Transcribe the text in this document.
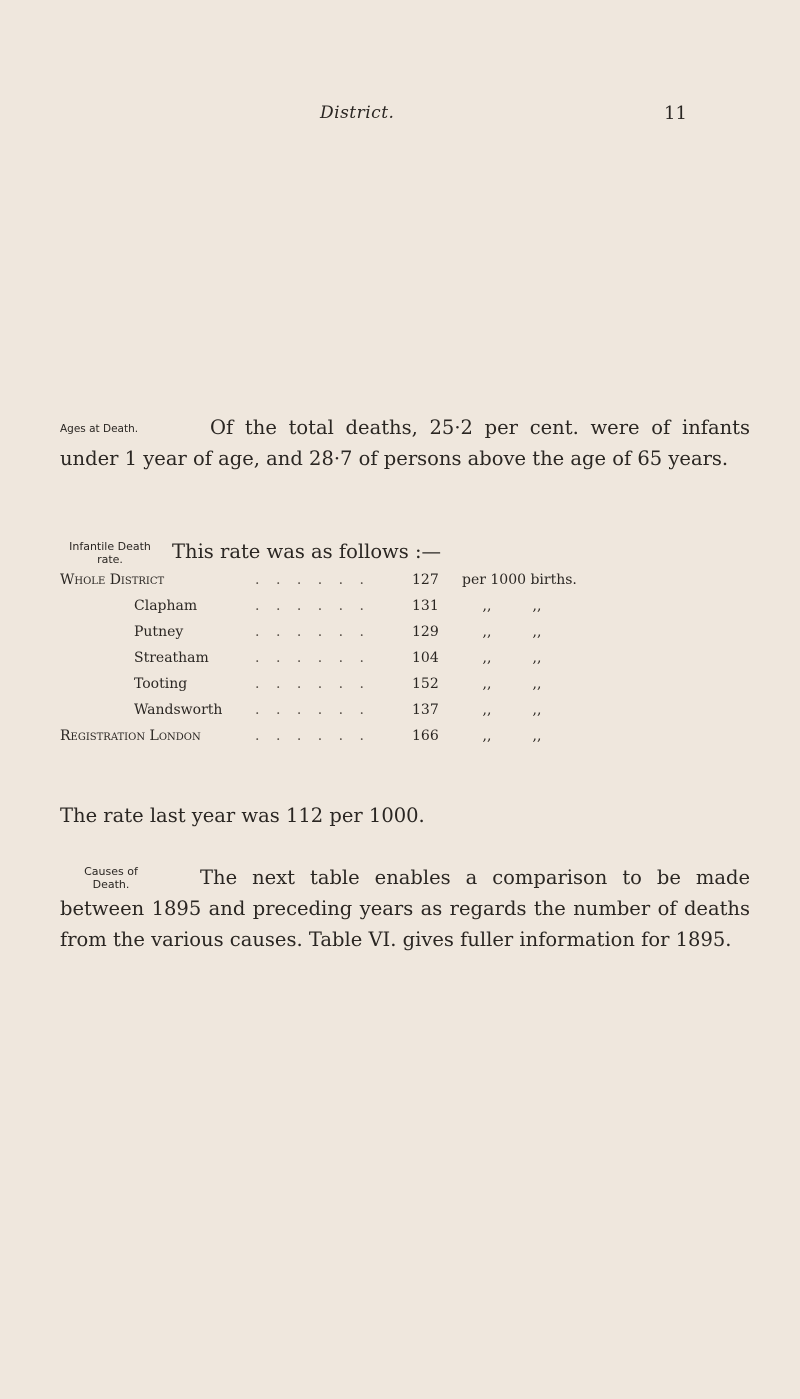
District.	11
Ages at Death.	Of the total deaths, 25·2 per cent. were of infants under 1 year of age, and 28·7 of persons above the age of 65 years.
Infantile Death
rate.	This rate was as follows :—
Whole District . . . . . .	127	per 1000 births.
Clapham . . . . . .	131	,, ,,
Putney . . . . . .	129	,, ,,
Streatham . . . . . .	104	,, ,,
Tooting . . . . . .	152	,, ,,
Wandsworth . . . . . .	137	,, ,,
Registration London . . . . . .	166	,, ,,
The rate last year was 112 per 1000.
Causes of
Death.	The next table enables a comparison to be made between 1895 and preceding years as regards the number of deaths from the various causes. Table VI. gives fuller information for 1895.
